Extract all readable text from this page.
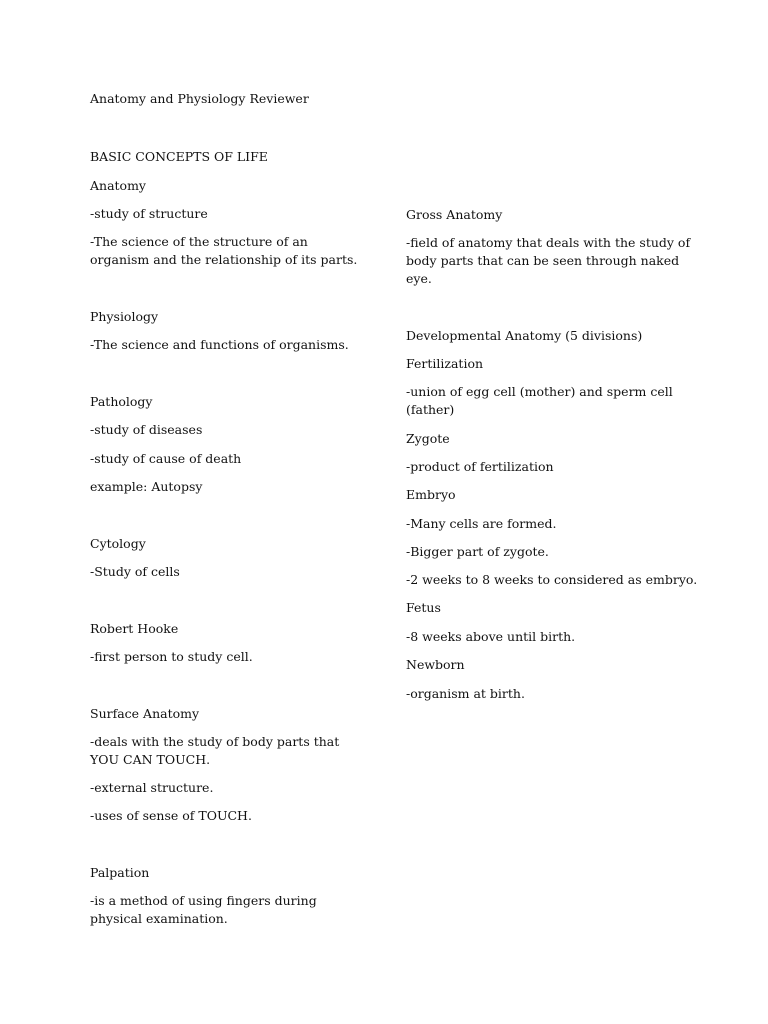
Anatomy and Physiology Reviewer
BASIC CONCEPTS OF LIFE
Anatomy
-study of structure
-The science of the structure of an organism and the relationship of its parts.
Physiology
-The science and functions of organisms.
Pathology
-study of diseases
-study of cause of death
example: Autopsy
Cytology
-Study of cells
Robert Hooke
-first person to study cell.
Surface Anatomy
-deals with the study of body parts that YOU CAN TOUCH.
-external structure.
-uses of sense of TOUCH.
Palpation
-is a method of using fingers during physical examination.
Gross Anatomy
-field of anatomy that deals with the study of body parts that can be seen through naked eye.
Developmental Anatomy (5 divisions)
Fertilization
-union of egg cell (mother) and sperm cell (father)
Zygote
-product of fertilization
Embryo
-Many cells are formed.
-Bigger part of zygote.
-2 weeks to 8 weeks to considered as embryo.
Fetus
-8 weeks above until birth.
Newborn
-organism at birth.
